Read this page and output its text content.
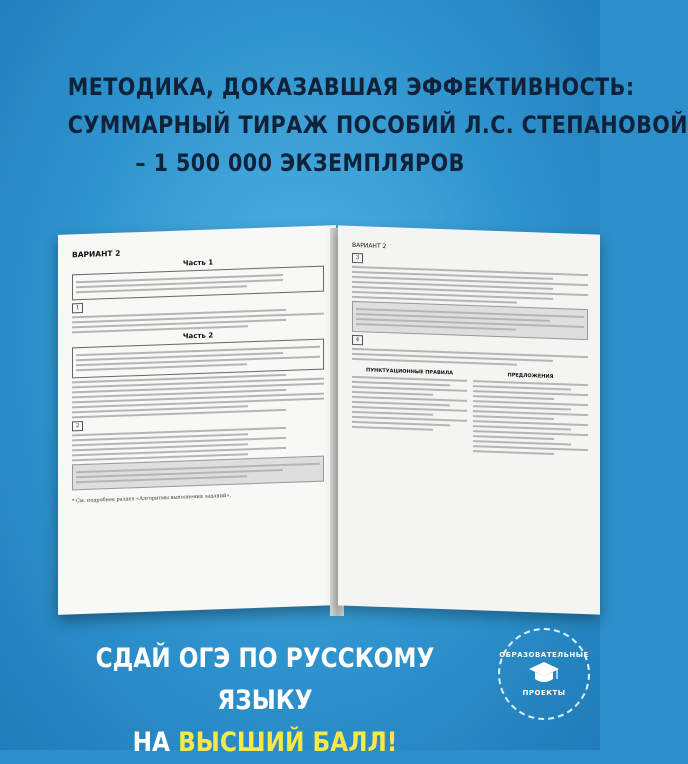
МЕТОДИКА, ДОКАЗАВШАЯ ЭФФЕКТИВНОСТЬ:
СУММАРНЫЙ ТИРАЖ ПОСОБИЙ Л.С. СТЕПАНОВОЙ
– 1 500 000 ЭКЗЕМПЛЯРОВ
ВАРИАНТ 2
Часть 1
1
Часть 2
2
* См. подробнее раздел «Алгоритмы выполнения заданий».
ВАРИАНТ 2
3
4
ПУНКТУАЦИОННЫЕ ПРАВИЛА	ПРЕДЛОЖЕНИЯ
СДАЙ ОГЭ ПО РУССКОМУ ЯЗЫКУ
НА ВЫСШИЙ БАЛЛ!
ОБРАЗОВАТЕЛЬНЫЕ
ПРОЕКТЫ
